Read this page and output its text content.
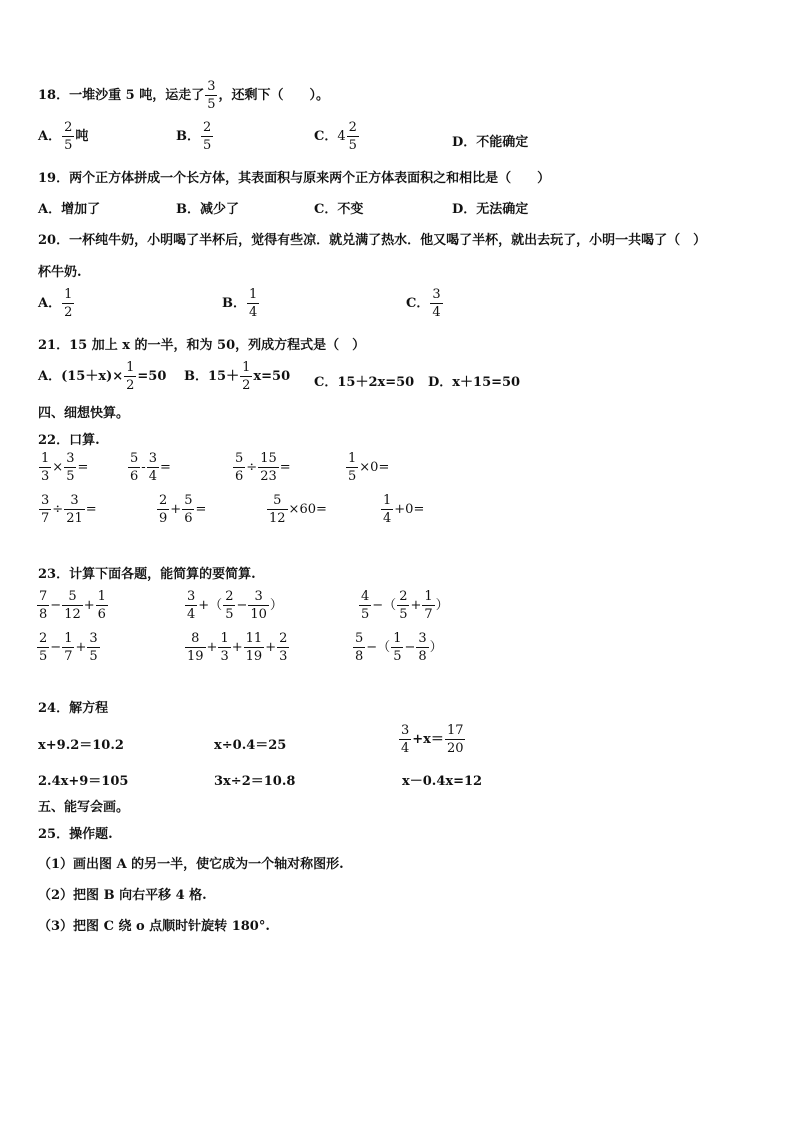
18．一堆沙重 5 吨，运走了 $\frac{3}{5}$ ，还剩下（　　）。
A． $\frac{2}{5}$ 吨	B． $\frac{2}{5}$	C．$4 \frac{2}{5}$	D．不能确定
19．两个正方体拼成一个长方体，其表面积与原来两个正方体表面积之和相比是（　　）
A．增加了	B．减少了	C．不变	D．无法确定
20．一杯纯牛奶，小明喝了半杯后，觉得有些凉．就兑满了热水．他又喝了半杯，就出去玩了，小明一共喝了（　）
杯牛奶.
A． $\frac{1}{2}$	B． $\frac{1}{4}$	C． $\frac{3}{4}$
21．15 加上 x 的一半，和为 50，列成方程式是（　）
A．$(15+x)\times \frac{1}{2} =50$ B．$15+ \frac{1}{2} x=50$ C．15＋2x=50 D．x＋15=50
四、细想快算。
22．口算.
$\frac{1}{3} \times \frac{3}{5}$ =	$\frac{5}{6} - \frac{3}{4}$ =	$\frac{5}{6} \div \frac{15}{23}$ =	$\frac{1}{5} \times 0=$
$\frac{3}{7} \div \frac{3}{21}$ =	$\frac{2}{9} + \frac{5}{6}$ =	$\frac{5}{12} \times 60=$	$\frac{1}{4} +0=$
23．计算下面各题，能简算的要简算.
$\frac{7}{8} - \frac{5}{12} + \frac{1}{6}$	$\frac{3}{4}$ +（ $\frac{2}{5} - \frac{3}{10}$ ）	$\frac{4}{5}$ −（ $\frac{2}{5} + \frac{1}{7}$ ）
$\frac{2}{5} - \frac{1}{7} + \frac{3}{5}$	$\frac{8}{19} + \frac{1}{3} + \frac{11}{19} + \frac{2}{3}$	$\frac{5}{8}$ −（ $\frac{1}{5} - \frac{3}{8}$ ）
24．解方程
x+9.2＝10.2	x÷0.4＝25	$\frac{3}{4} +x= \frac{17}{20}$
2.4x+9＝105	3x÷2＝10.8	x－0.4x=12
五、能写会画。
25．操作题.
（1）画出图 A 的另一半，使它成为一个轴对称图形.
（2）把图 B 向右平移 4 格.
（3）把图 C 绕 o 点顺时针旋转 180°.
